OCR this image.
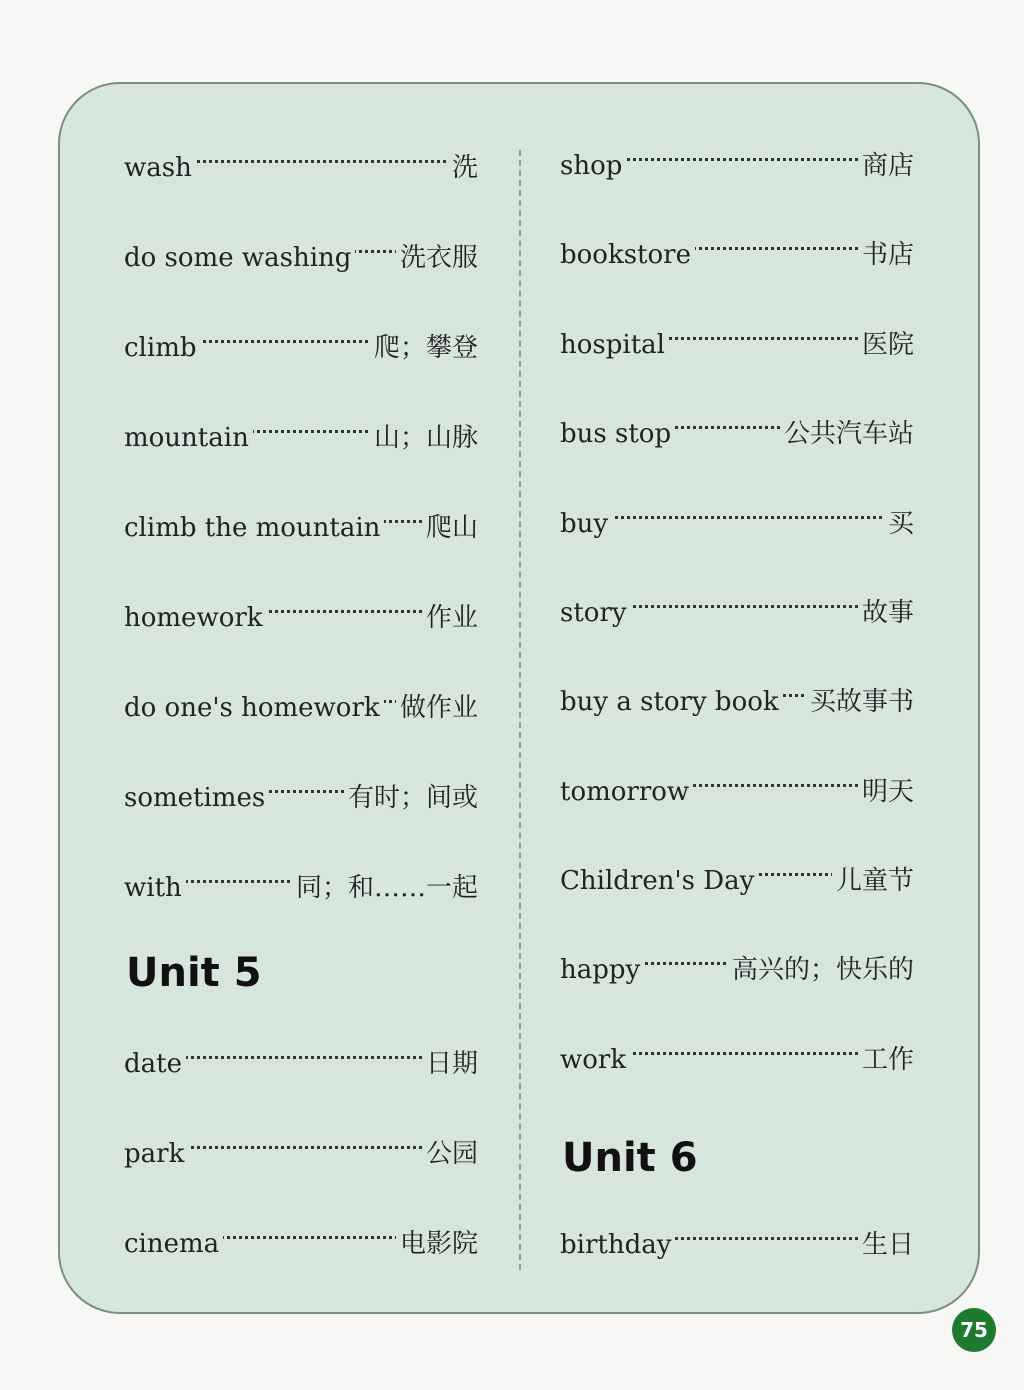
wash	洗
do some washing 洗衣服
climb	爬；攀登
mountain	山；山脉
climb the mountain 爬山
homework	作业
do one's homework 做作业
sometimes	有时；间或
with	同；和……一起
Unit 5
date	日期
park	公园
cinema	电影院
shop	商店
bookstore	书店
hospital	医院
bus stop	公共汽车站
buy	买
story	故事
buy a story book 买故事书
tomorrow	明天
Children's Day	儿童节
happy	高兴的；快乐的
work	工作
Unit 6
birthday	生日
75
